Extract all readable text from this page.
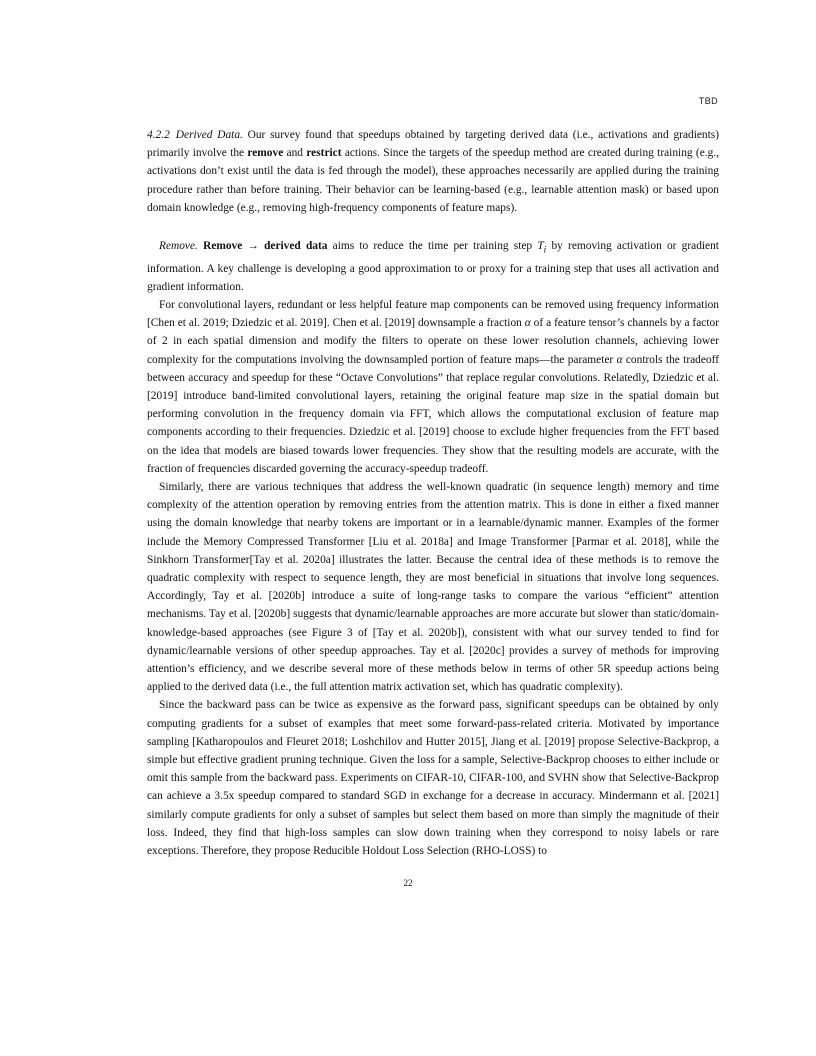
TBD

4.2.2 Derived Data. Our survey found that speedups obtained by targeting derived data (i.e., activations and gradients) primarily involve the remove and restrict actions. Since the targets of the speedup method are created during training (e.g., activations don’t exist until the data is fed through the model), these approaches necessarily are applied during the training procedure rather than before training. Their behavior can be learning-based (e.g., learnable attention mask) or based upon domain knowledge (e.g., removing high-frequency components of feature maps).

Remove. Remove → derived data aims to reduce the time per training step $T_i$ by removing activation or gradient information. A key challenge is developing a good approximation to or proxy for a training step that uses all activation and gradient information.

For convolutional layers, redundant or less helpful feature map components can be removed using frequency information [Chen et al. 2019; Dziedzic et al. 2019]. Chen et al. [2019] downsample a fraction α of a feature tensor’s channels by a factor of 2 in each spatial dimension and modify the filters to operate on these lower resolution channels, achieving lower complexity for the computations involving the downsampled portion of feature maps—the parameter α controls the tradeoff between accuracy and speedup for these “Octave Convolutions” that replace regular convolutions. Relatedly, Dziedzic et al. [2019] introduce band-limited convolutional layers, retaining the original feature map size in the spatial domain but performing convolution in the frequency domain via FFT, which allows the computational exclusion of feature map components according to their frequencies. Dziedzic et al. [2019] choose to exclude higher frequencies from the FFT based on the idea that models are biased towards lower frequencies. They show that the resulting models are accurate, with the fraction of frequencies discarded governing the accuracy-speedup tradeoff.

Similarly, there are various techniques that address the well-known quadratic (in sequence length) memory and time complexity of the attention operation by removing entries from the attention matrix. This is done in either a fixed manner using the domain knowledge that nearby tokens are important or in a learnable/dynamic manner. Examples of the former include the Memory Compressed Transformer [Liu et al. 2018a] and Image Transformer [Parmar et al. 2018], while the Sinkhorn Transformer[Tay et al. 2020a] illustrates the latter. Because the central idea of these methods is to remove the quadratic complexity with respect to sequence length, they are most beneficial in situations that involve long sequences. Accordingly, Tay et al. [2020b] introduce a suite of long-range tasks to compare the various “efficient” attention mechanisms. Tay et al. [2020b] suggests that dynamic/learnable approaches are more accurate but slower than static/domain-knowledge-based approaches (see Figure 3 of [Tay et al. 2020b]), consistent with what our survey tended to find for dynamic/learnable versions of other speedup approaches. Tay et al. [2020c] provides a survey of methods for improving attention’s efficiency, and we describe several more of these methods below in terms of other 5R speedup actions being applied to the derived data (i.e., the full attention matrix activation set, which has quadratic complexity).

Since the backward pass can be twice as expensive as the forward pass, significant speedups can be obtained by only computing gradients for a subset of examples that meet some forward-pass-related criteria. Motivated by importance sampling [Katharopoulos and Fleuret 2018; Loshchilov and Hutter 2015], Jiang et al. [2019] propose Selective-Backprop, a simple but effective gradient pruning technique. Given the loss for a sample, Selective-Backprop chooses to either include or omit this sample from the backward pass. Experiments on CIFAR-10, CIFAR-100, and SVHN show that Selective-Backprop can achieve a 3.5x speedup compared to standard SGD in exchange for a decrease in accuracy. Mindermann et al. [2021] similarly compute gradients for only a subset of samples but select them based on more than simply the magnitude of their loss. Indeed, they find that high-loss samples can slow down training when they correspond to noisy labels or rare exceptions. Therefore, they propose Reducible Holdout Loss Selection (RHO-LOSS) to

22
